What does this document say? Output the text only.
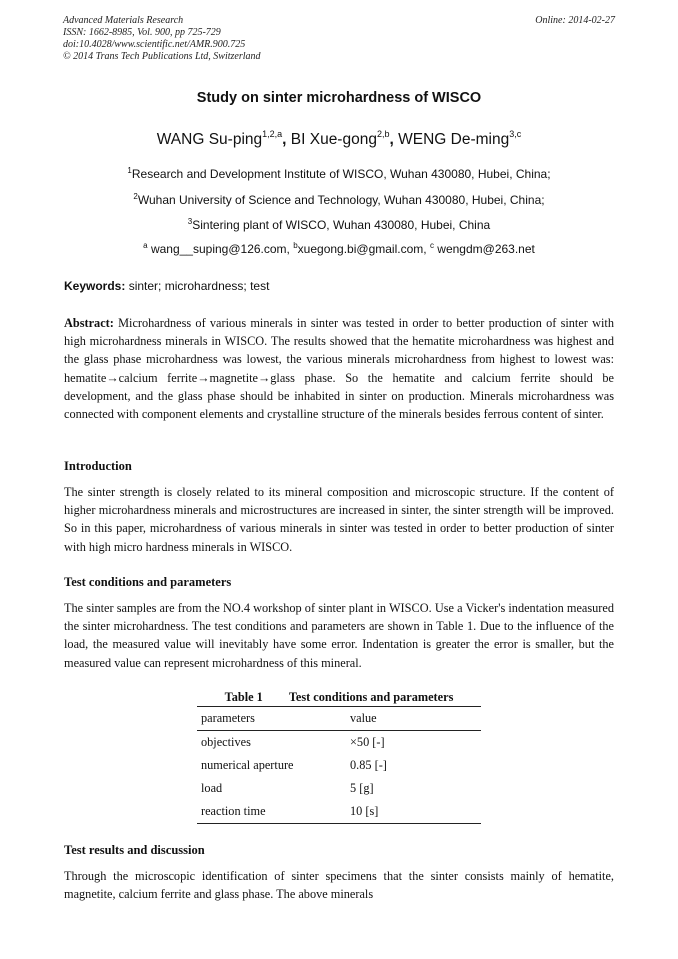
Advanced Materials Research
ISSN: 1662-8985, Vol. 900, pp 725-729
doi:10.4028/www.scientific.net/AMR.900.725
© 2014 Trans Tech Publications Ltd, Switzerland
Online: 2014-02-27
Study on sinter microhardness of WISCO
WANG Su-ping$^{1,2,a}$, BI Xue-gong$^{2,b}$, WENG De-ming$^{3,c}$
$^1$Research and Development Institute of WISCO, Wuhan 430080, Hubei, China;
$^2$Wuhan University of Science and Technology, Wuhan 430080, Hubei, China;
$^3$Sintering plant of WISCO, Wuhan 430080, Hubei, China
$^a$ wang__suping@126.com, $^b$xuegong.bi@gmail.com, $^c$ wengdm@263.net
Keywords: sinter; microhardness; test

Abstract: Microhardness of various minerals in sinter was tested in order to better production of sinter with high microhardness minerals in WISCO. The results showed that the hematite microhardness was highest and the glass phase microhardness was lowest, the various minerals microhardness from highest to lowest was: hematite→calcium ferrite→magnetite→glass phase. So the hematite and calcium ferrite should be development, and the glass phase should be inhabited in sinter on production. Minerals microhardness was connected with component elements and crystalline structure of the minerals besides ferrous content of sinter.

Introduction

The sinter strength is closely related to its mineral composition and microscopic structure. If the content of higher microhardness minerals and microstructures are increased in sinter, the sinter strength will be improved. So in this paper, microhardness of various minerals in sinter was tested in order to better production of sinter with high micro hardness minerals in WISCO.

Test conditions and parameters

The sinter samples are from the NO.4 workshop of sinter plant in WISCO. Use a Vicker's indentation measured the sinter microhardness. The test conditions and parameters are shown in Table 1. Due to the influence of the load, the measured value will inevitably have some error. Indentation is greater the error is smaller, but the measured value can represent microhardness of this mineral.

Table 1 Test conditions and parameters
parameters	value
objectives	×50 [-]
numerical aperture	0.85 [-]
load	5 [g]
reaction time	10 [s]
Test results and discussion

Through the microscopic identification of sinter specimens that the sinter consists mainly of hematite, magnetite, calcium ferrite and glass phase. The above minerals
